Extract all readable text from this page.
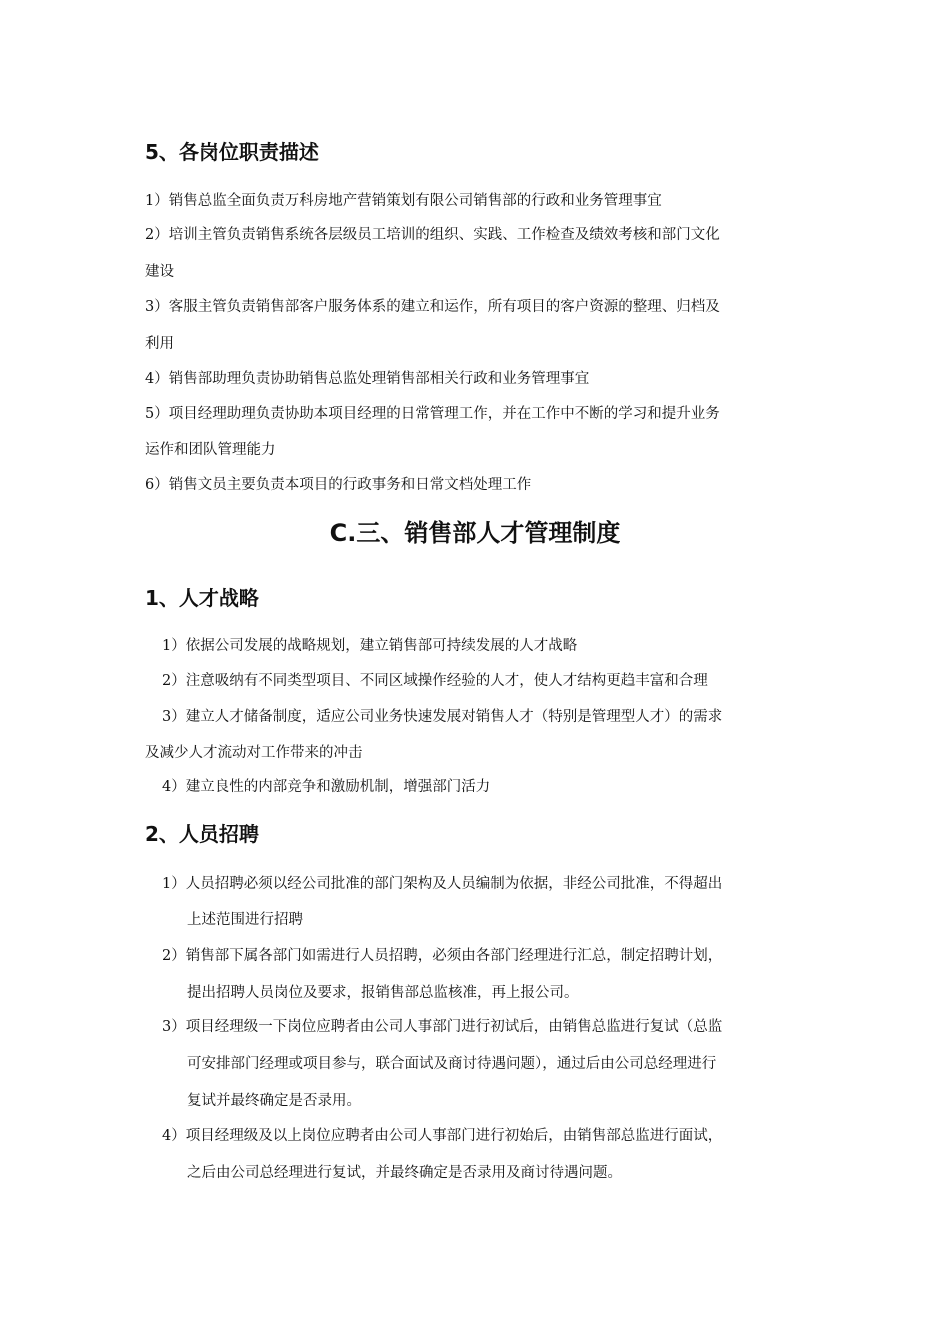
5、各岗位职责描述
1）销售总监全面负责万科房地产营销策划有限公司销售部的行政和业务管理事宜
2）培训主管负责销售系统各层级员工培训的组织、实践、工作检查及绩效考核和部门文化
建设
3）客服主管负责销售部客户服务体系的建立和运作，所有项目的客户资源的整理、归档及
利用
4）销售部助理负责协助销售总监处理销售部相关行政和业务管理事宜
5）项目经理助理负责协助本项目经理的日常管理工作，并在工作中不断的学习和提升业务
运作和团队管理能力
6）销售文员主要负责本项目的行政事务和日常文档处理工作
C.三、销售部人才管理制度
1、人才战略
1）依据公司发展的战略规划，建立销售部可持续发展的人才战略
2）注意吸纳有不同类型项目、不同区域操作经验的人才，使人才结构更趋丰富和合理
3）建立人才储备制度，适应公司业务快速发展对销售人才（特别是管理型人才）的需求
及减少人才流动对工作带来的冲击
4）建立良性的内部竞争和激励机制，增强部门活力
2、人员招聘
1）人员招聘必须以经公司批准的部门架构及人员编制为依据，非经公司批准，不得超出
上述范围进行招聘
2）销售部下属各部门如需进行人员招聘，必须由各部门经理进行汇总，制定招聘计划，
提出招聘人员岗位及要求，报销售部总监核准，再上报公司。
3）项目经理级一下岗位应聘者由公司人事部门进行初试后，由销售总监进行复试（总监
可安排部门经理或项目参与，联合面试及商讨待遇问题），通过后由公司总经理进行
复试并最终确定是否录用。
4）项目经理级及以上岗位应聘者由公司人事部门进行初始后，由销售部总监进行面试，
之后由公司总经理进行复试，并最终确定是否录用及商讨待遇问题。
